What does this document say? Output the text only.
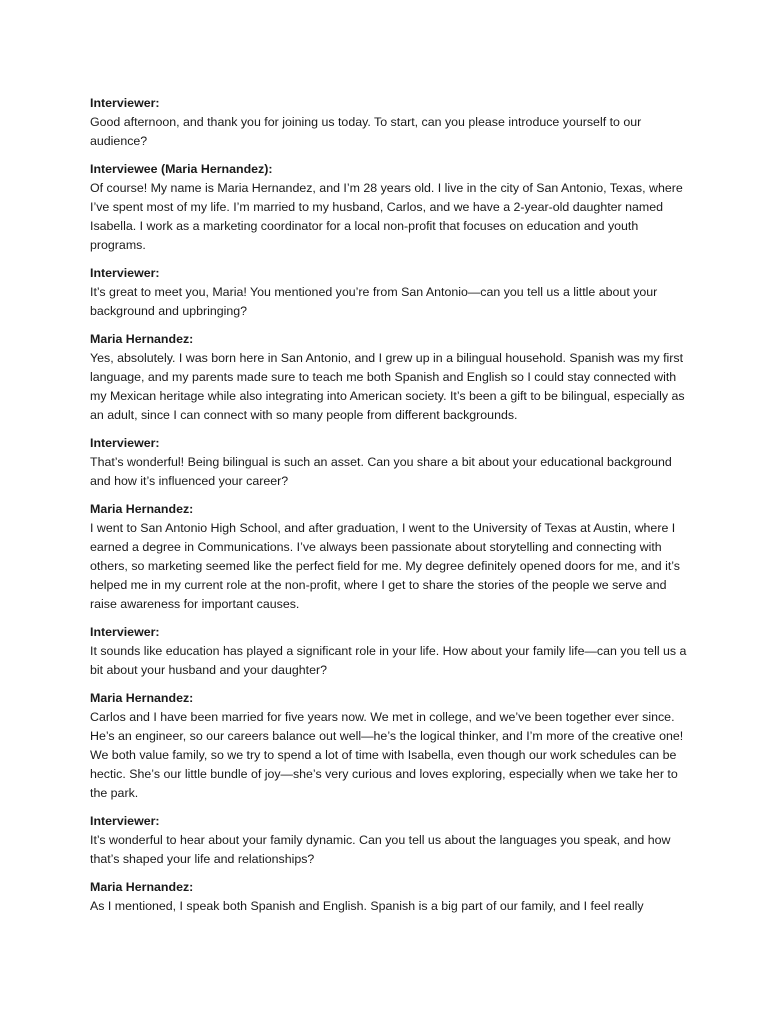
Interviewer:
Good afternoon, and thank you for joining us today. To start, can you please introduce yourself to our audience?
Interviewee (Maria Hernandez):
Of course! My name is Maria Hernandez, and I’m 28 years old. I live in the city of San Antonio, Texas, where I’ve spent most of my life. I’m married to my husband, Carlos, and we have a 2-year-old daughter named Isabella. I work as a marketing coordinator for a local non-profit that focuses on education and youth programs.
Interviewer:
It’s great to meet you, Maria! You mentioned you’re from San Antonio—can you tell us a little about your background and upbringing?
Maria Hernandez:
Yes, absolutely. I was born here in San Antonio, and I grew up in a bilingual household. Spanish was my first language, and my parents made sure to teach me both Spanish and English so I could stay connected with my Mexican heritage while also integrating into American society. It’s been a gift to be bilingual, especially as an adult, since I can connect with so many people from different backgrounds.
Interviewer:
That’s wonderful! Being bilingual is such an asset. Can you share a bit about your educational background and how it’s influenced your career?
Maria Hernandez:
I went to San Antonio High School, and after graduation, I went to the University of Texas at Austin, where I earned a degree in Communications. I’ve always been passionate about storytelling and connecting with others, so marketing seemed like the perfect field for me. My degree definitely opened doors for me, and it’s helped me in my current role at the non-profit, where I get to share the stories of the people we serve and raise awareness for important causes.
Interviewer:
It sounds like education has played a significant role in your life. How about your family life—can you tell us a bit about your husband and your daughter?
Maria Hernandez:
Carlos and I have been married for five years now. We met in college, and we’ve been together ever since. He’s an engineer, so our careers balance out well—he’s the logical thinker, and I’m more of the creative one! We both value family, so we try to spend a lot of time with Isabella, even though our work schedules can be hectic. She’s our little bundle of joy—she’s very curious and loves exploring, especially when we take her to the park.
Interviewer:
It’s wonderful to hear about your family dynamic. Can you tell us about the languages you speak, and how that’s shaped your life and relationships?
Maria Hernandez:
As I mentioned, I speak both Spanish and English. Spanish is a big part of our family, and I feel really
